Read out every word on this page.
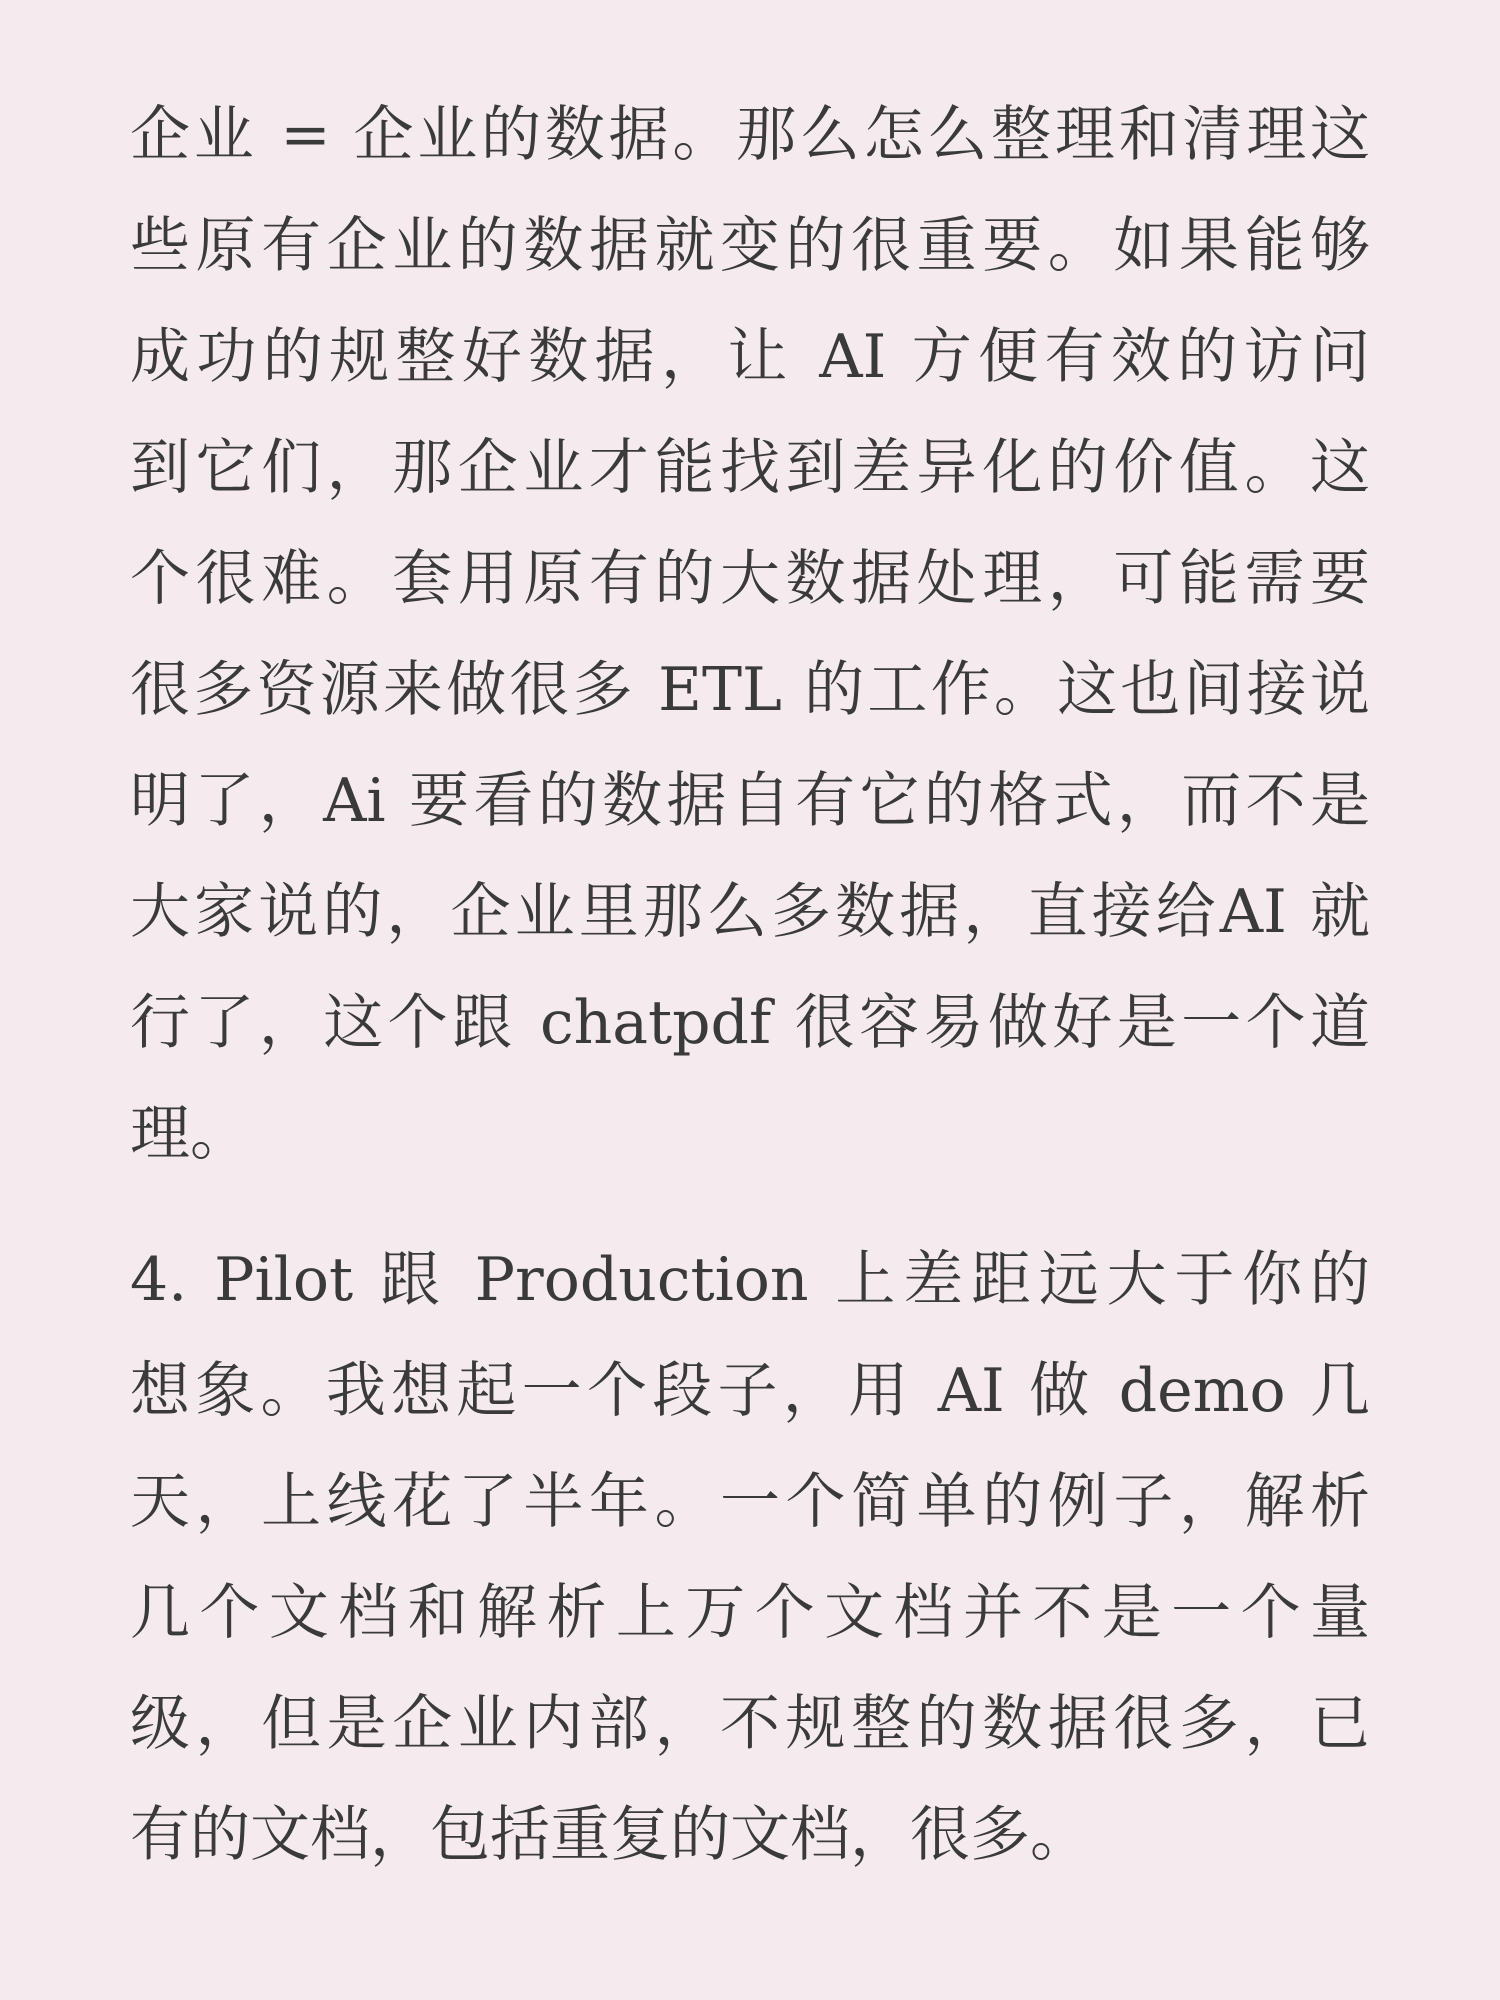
企业 = 企业的数据。那么怎么整理和清理这

些原有企业的数据就变的很重要。如果能够

成功的规整好数据，让 AI 方便有效的访问

到它们，那企业才能找到差异化的价值。这

个很难。套用原有的大数据处理，可能需要

很多资源来做很多 ETL 的工作。这也间接说

明了，Ai 要看的数据自有它的格式，而不是

大家说的，企业里那么多数据，直接给AI 就

行了，这个跟 chatpdf 很容易做好是一个道

理。

4. Pilot 跟 Production 上差距远大于你的

想象。我想起一个段子，用 AI 做 demo 几

天，上线花了半年。一个简单的例子，解析

几个文档和解析上万个文档并不是一个量

级，但是企业内部，不规整的数据很多，已

有的文档，包括重复的文档，很多。
